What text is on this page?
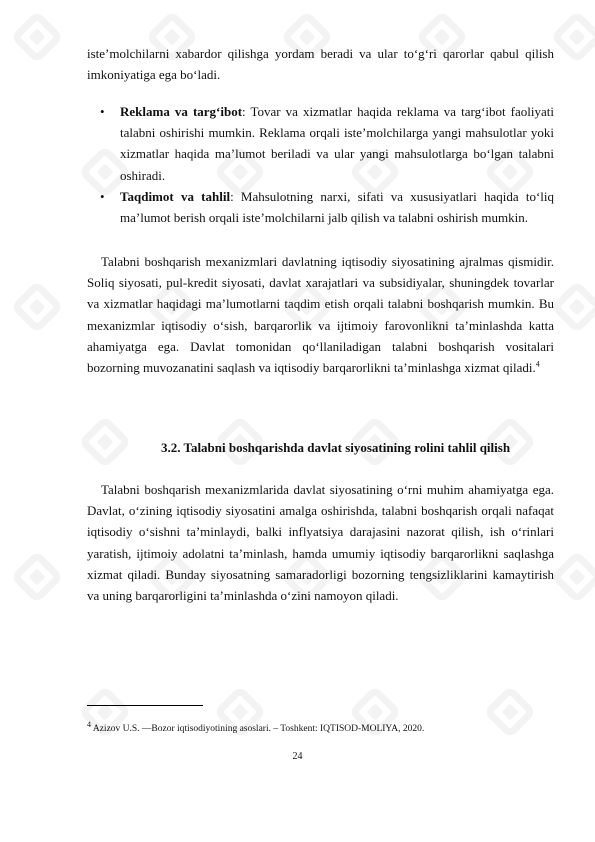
iste’molchilarni xabardor qilishga yordam beradi va ular to‘g‘ri qarorlar qabul qilish imkoniyatiga ega bo‘ladi.

• Reklama va targ‘ibot: Tovar va xizmatlar haqida reklama va targ‘ibot faoliyati talabni oshirishi mumkin. Reklama orqali iste’molchilarga yangi mahsulotlar yoki xizmatlar haqida ma’lumot beriladi va ular yangi mahsulotlarga bo‘lgan talabni oshiradi.
• Taqdimot va tahlil: Mahsulotning narxi, sifati va xususiyatlari haqida to‘liq ma’lumot berish orqali iste’molchilarni jalb qilish va talabni oshirish mumkin.

Talabni boshqarish mexanizmlari davlatning iqtisodiy siyosatining ajralmas qismidir. Soliq siyosati, pul-kredit siyosati, davlat xarajatlari va subsidiyalar, shuningdek tovarlar va xizmatlar haqidagi ma’lumotlarni taqdim etish orqali talabni boshqarish mumkin. Bu mexanizmlar iqtisodiy o‘sish, barqarorlik va ijtimoiy farovonlikni ta’minlashda katta ahamiyatga ega. Davlat tomonidan qo‘llaniladigan talabni boshqarish vositalari bozorning muvozanatini saqlash va iqtisodiy barqarorlikni ta’minlashga xizmat qiladi.$^4$

3.2. Talabni boshqarishda davlat siyosatining rolini tahlil qilish

Talabni boshqarish mexanizmlarida davlat siyosatining o‘rni muhim ahamiyatga ega. Davlat, o‘zining iqtisodiy siyosatini amalga oshirishda, talabni boshqarish orqali nafaqat iqtisodiy o‘sishni ta’minlaydi, balki inflyatsiya darajasini nazorat qilish, ish o‘rinlari yaratish, ijtimoiy adolatni ta’minlash, hamda umumiy iqtisodiy barqarorlikni saqlashga xizmat qiladi. Bunday siyosatning samaradorligi bozorning tengsizliklarini kamaytirish va uning barqarorligini ta’minlashda o‘zini namoyon qiladi.

$^4$ Azizov U.S. —Bozor iqtisodiyotining asoslari. – Toshkent: IQTISOD-MOLIYA, 2020.
24
